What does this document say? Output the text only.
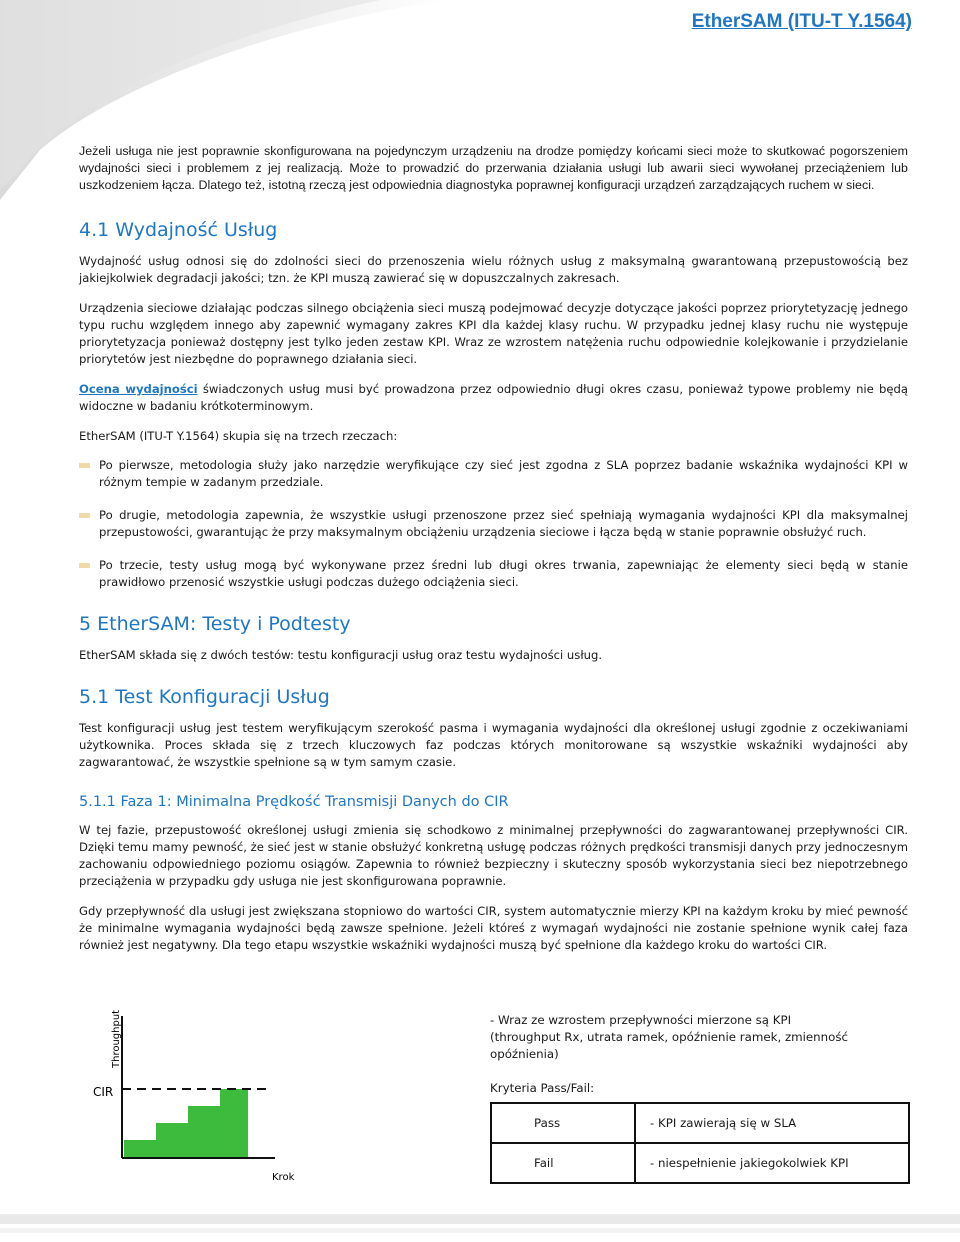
EtherSAM (ITU-T Y.1564)

Jeżeli usługa nie jest poprawnie skonfigurowana na pojedynczym urządzeniu na drodze pomiędzy końcami sieci może to skutkować pogorszeniem wydajności sieci i problemem z jej realizacją. Może to prowadzić do przerwania działania usługi lub awarii sieci wywołanej przeciążeniem lub uszkodzeniem łącza. Dlatego też, istotną rzeczą jest odpowiednia diagnostyka poprawnej konfiguracji urządzeń zarządzających ruchem w sieci.

4.1 Wydajność Usług

Wydajność usług odnosi się do zdolności sieci do przenoszenia wielu różnych usług z maksymalną gwarantowaną przepustowością bez jakiejkolwiek degradacji jakości; tzn. że KPI muszą zawierać się w dopuszczalnych zakresach.

Urządzenia sieciowe działając podczas silnego obciążenia sieci muszą podejmować decyzje dotyczące jakości poprzez priorytetyzację jednego typu ruchu względem innego aby zapewnić wymagany zakres KPI dla każdej klasy ruchu. W przypadku jednej klasy ruchu nie występuje priorytetyzacja ponieważ dostępny jest tylko jeden zestaw KPI. Wraz ze wzrostem natężenia ruchu odpowiednie kolejkowanie i przydzielanie priorytetów jest niezbędne do poprawnego działania sieci.

Ocena wydajności świadczonych usług musi być prowadzona przez odpowiednio długi okres czasu, ponieważ typowe problemy nie będą widoczne w badaniu krótkoterminowym.

EtherSAM (ITU-T Y.1564) skupia się na trzech rzeczach:

Po pierwsze, metodologia służy jako narzędzie weryfikujące czy sieć jest zgodna z SLA poprzez badanie wskaźnika wydajności KPI w różnym tempie w zadanym przedziale.

Po drugie, metodologia zapewnia, że wszystkie usługi przenoszone przez sieć spełniają wymagania wydajności KPI dla maksymalnej przepustowości, gwarantując że przy maksymalnym obciążeniu urządzenia sieciowe i łącza będą w stanie poprawnie obsłużyć ruch.

Po trzecie, testy usług mogą być wykonywane przez średni lub długi okres trwania, zapewniając że elementy sieci będą w stanie prawidłowo przenosić wszystkie usługi podczas dużego odciążenia sieci.

5 EtherSAM: Testy i Podtesty

EtherSAM składa się z dwóch testów: testu konfiguracji usług oraz testu wydajności usług.

5.1 Test Konfiguracji Usług

Test konfiguracji usług jest testem weryfikującym szerokość pasma i wymagania wydajności dla określonej usługi zgodnie z oczekiwaniami użytkownika. Proces składa się z trzech kluczowych faz podczas których monitorowane są wszystkie wskaźniki wydajności aby zagwarantować, że wszystkie spełnione są w tym samym czasie.

5.1.1 Faza 1: Minimalna Prędkość Transmisji Danych do CIR

W tej fazie, przepustowość określonej usługi zmienia się schodkowo z minimalnej przepływności do zagwarantowanej przepływności CIR. Dzięki temu mamy pewność, że sieć jest w stanie obsłużyć konkretną usługę podczas różnych prędkości transmisji danych przy jednoczesnym zachowaniu odpowiedniego poziomu osiągów. Zapewnia to również bezpieczny i skuteczny sposób wykorzystania sieci bez niepotrzebnego przeciążenia w przypadku gdy usługa nie jest skonfigurowana poprawnie.

Gdy przepływność dla usługi jest zwiększana stopniowo do wartości CIR, system automatycznie mierzy KPI na każdym kroku by mieć pewność że minimalne wymagania wydajności będą zawsze spełnione. Jeżeli któreś z wymagań wydajności nie zostanie spełnione wynik całej faza również jest negatywny. Dla tego etapu wszystkie wskaźniki wydajności muszą być spełnione dla każdego kroku do wartości CIR.

CIR
Throughput
Krok
- Wraz ze wzrostem przepływności mierzone są KPI
(throughput Rx, utrata ramek, opóźnienie ramek, zmienność opóźnienia)
Kryteria Pass/Fail:
Pass	- KPI zawierają się w SLA
Fail	- niespełnienie jakiegokolwiek KPI
